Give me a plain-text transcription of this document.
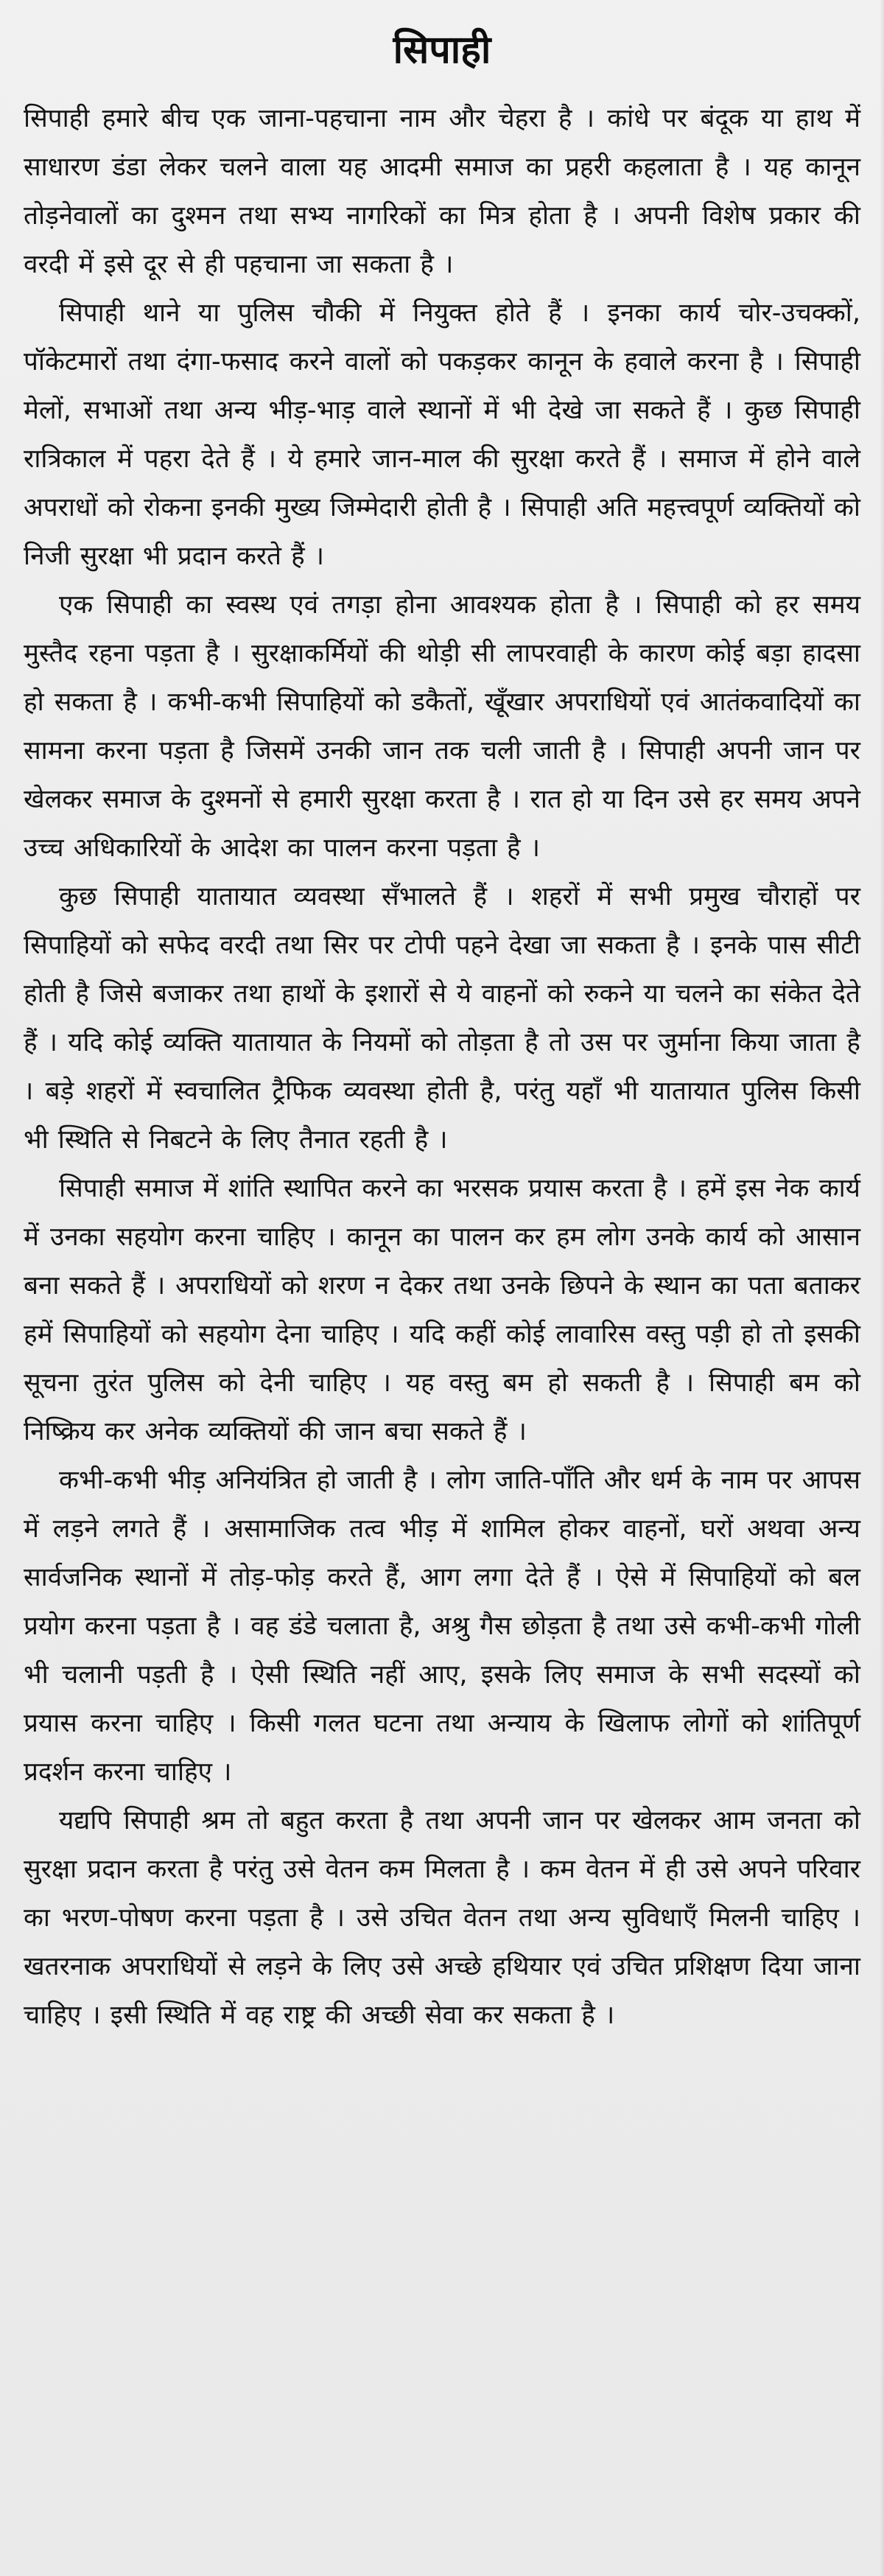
सिपाही

सिपाही हमारे बीच एक जाना-पहचाना नाम और चेहरा है । कांधे पर बंदूक या हाथ में साधारण डंडा लेकर चलने वाला यह आदमी समाज का प्रहरी कहलाता है । यह कानून तोड़नेवालों का दुश्मन तथा सभ्य नागरिकों का मित्र होता है । अपनी विशेष प्रकार की वरदी में इसे दूर से ही पहचाना जा सकता है ।

सिपाही थाने या पुलिस चौकी में नियुक्त होते हैं । इनका कार्य चोर-उचक्कों, पॉकेटमारों तथा दंगा-फसाद करने वालों को पकड़कर कानून के हवाले करना है । सिपाही मेलों, सभाओं तथा अन्य भीड़-भाड़ वाले स्थानों में भी देखे जा सकते हैं । कुछ सिपाही रात्रिकाल में पहरा देते हैं । ये हमारे जान-माल की सुरक्षा करते हैं । समाज में होने वाले अपराधों को रोकना इनकी मुख्य जिम्मेदारी होती है । सिपाही अति महत्त्वपूर्ण व्यक्तियों को निजी सुरक्षा भी प्रदान करते हैं ।

एक सिपाही का स्वस्थ एवं तगड़ा होना आवश्यक होता है । सिपाही को हर समय मुस्तैद रहना पड़ता है । सुरक्षाकर्मियों की थोड़ी सी लापरवाही के कारण कोई बड़ा हादसा हो सकता है । कभी-कभी सिपाहियों को डकैतों, खूँखार अपराधियों एवं आतंकवादियों का सामना करना पड़ता है जिसमें उनकी जान तक चली जाती है । सिपाही अपनी जान पर खेलकर समाज के दुश्मनों से हमारी सुरक्षा करता है । रात हो या दिन उसे हर समय अपने उच्च अधिकारियों के आदेश का पालन करना पड़ता है ।

कुछ सिपाही यातायात व्यवस्था सँभालते हैं । शहरों में सभी प्रमुख चौराहों पर सिपाहियों को सफेद वरदी तथा सिर पर टोपी पहने देखा जा सकता है । इनके पास सीटी होती है जिसे बजाकर तथा हाथों के इशारों से ये वाहनों को रुकने या चलने का संकेत देते हैं । यदि कोई व्यक्ति यातायात के नियमों को तोड़ता है तो उस पर जुर्माना किया जाता है । बड़े शहरों में स्वचालित ट्रैफिक व्यवस्था होती है, परंतु यहाँ भी यातायात पुलिस किसी भी स्थिति से निबटने के लिए तैनात रहती है ।

सिपाही समाज में शांति स्थापित करने का भरसक प्रयास करता है । हमें इस नेक कार्य में उनका सहयोग करना चाहिए । कानून का पालन कर हम लोग उनके कार्य को आसान बना सकते हैं । अपराधियों को शरण न देकर तथा उनके छिपने के स्थान का पता बताकर हमें सिपाहियों को सहयोग देना चाहिए । यदि कहीं कोई लावारिस वस्तु पड़ी हो तो इसकी सूचना तुरंत पुलिस को देनी चाहिए । यह वस्तु बम हो सकती है । सिपाही बम को निष्क्रिय कर अनेक व्यक्तियों की जान बचा सकते हैं ।

कभी-कभी भीड़ अनियंत्रित हो जाती है । लोग जाति-पाँति और धर्म के नाम पर आपस में लड़ने लगते हैं । असामाजिक तत्व भीड़ में शामिल होकर वाहनों, घरों अथवा अन्य सार्वजनिक स्थानों में तोड़-फोड़ करते हैं, आग लगा देते हैं । ऐसे में सिपाहियों को बल प्रयोग करना पड़ता है । वह डंडे चलाता है, अश्रु गैस छोड़ता है तथा उसे कभी-कभी गोली भी चलानी पड़ती है । ऐसी स्थिति नहीं आए, इसके लिए समाज के सभी सदस्यों को प्रयास करना चाहिए । किसी गलत घटना तथा अन्याय के खिलाफ लोगों को शांतिपूर्ण प्रदर्शन करना चाहिए ।

यद्यपि सिपाही श्रम तो बहुत करता है तथा अपनी जान पर खेलकर आम जनता को सुरक्षा प्रदान करता है परंतु उसे वेतन कम मिलता है । कम वेतन में ही उसे अपने परिवार का भरण-पोषण करना पड़ता है । उसे उचित वेतन तथा अन्य सुविधाएँ मिलनी चाहिए । खतरनाक अपराधियों से लड़ने के लिए उसे अच्छे हथियार एवं उचित प्रशिक्षण दिया जाना चाहिए । इसी स्थिति में वह राष्ट्र की अच्छी सेवा कर सकता है ।
